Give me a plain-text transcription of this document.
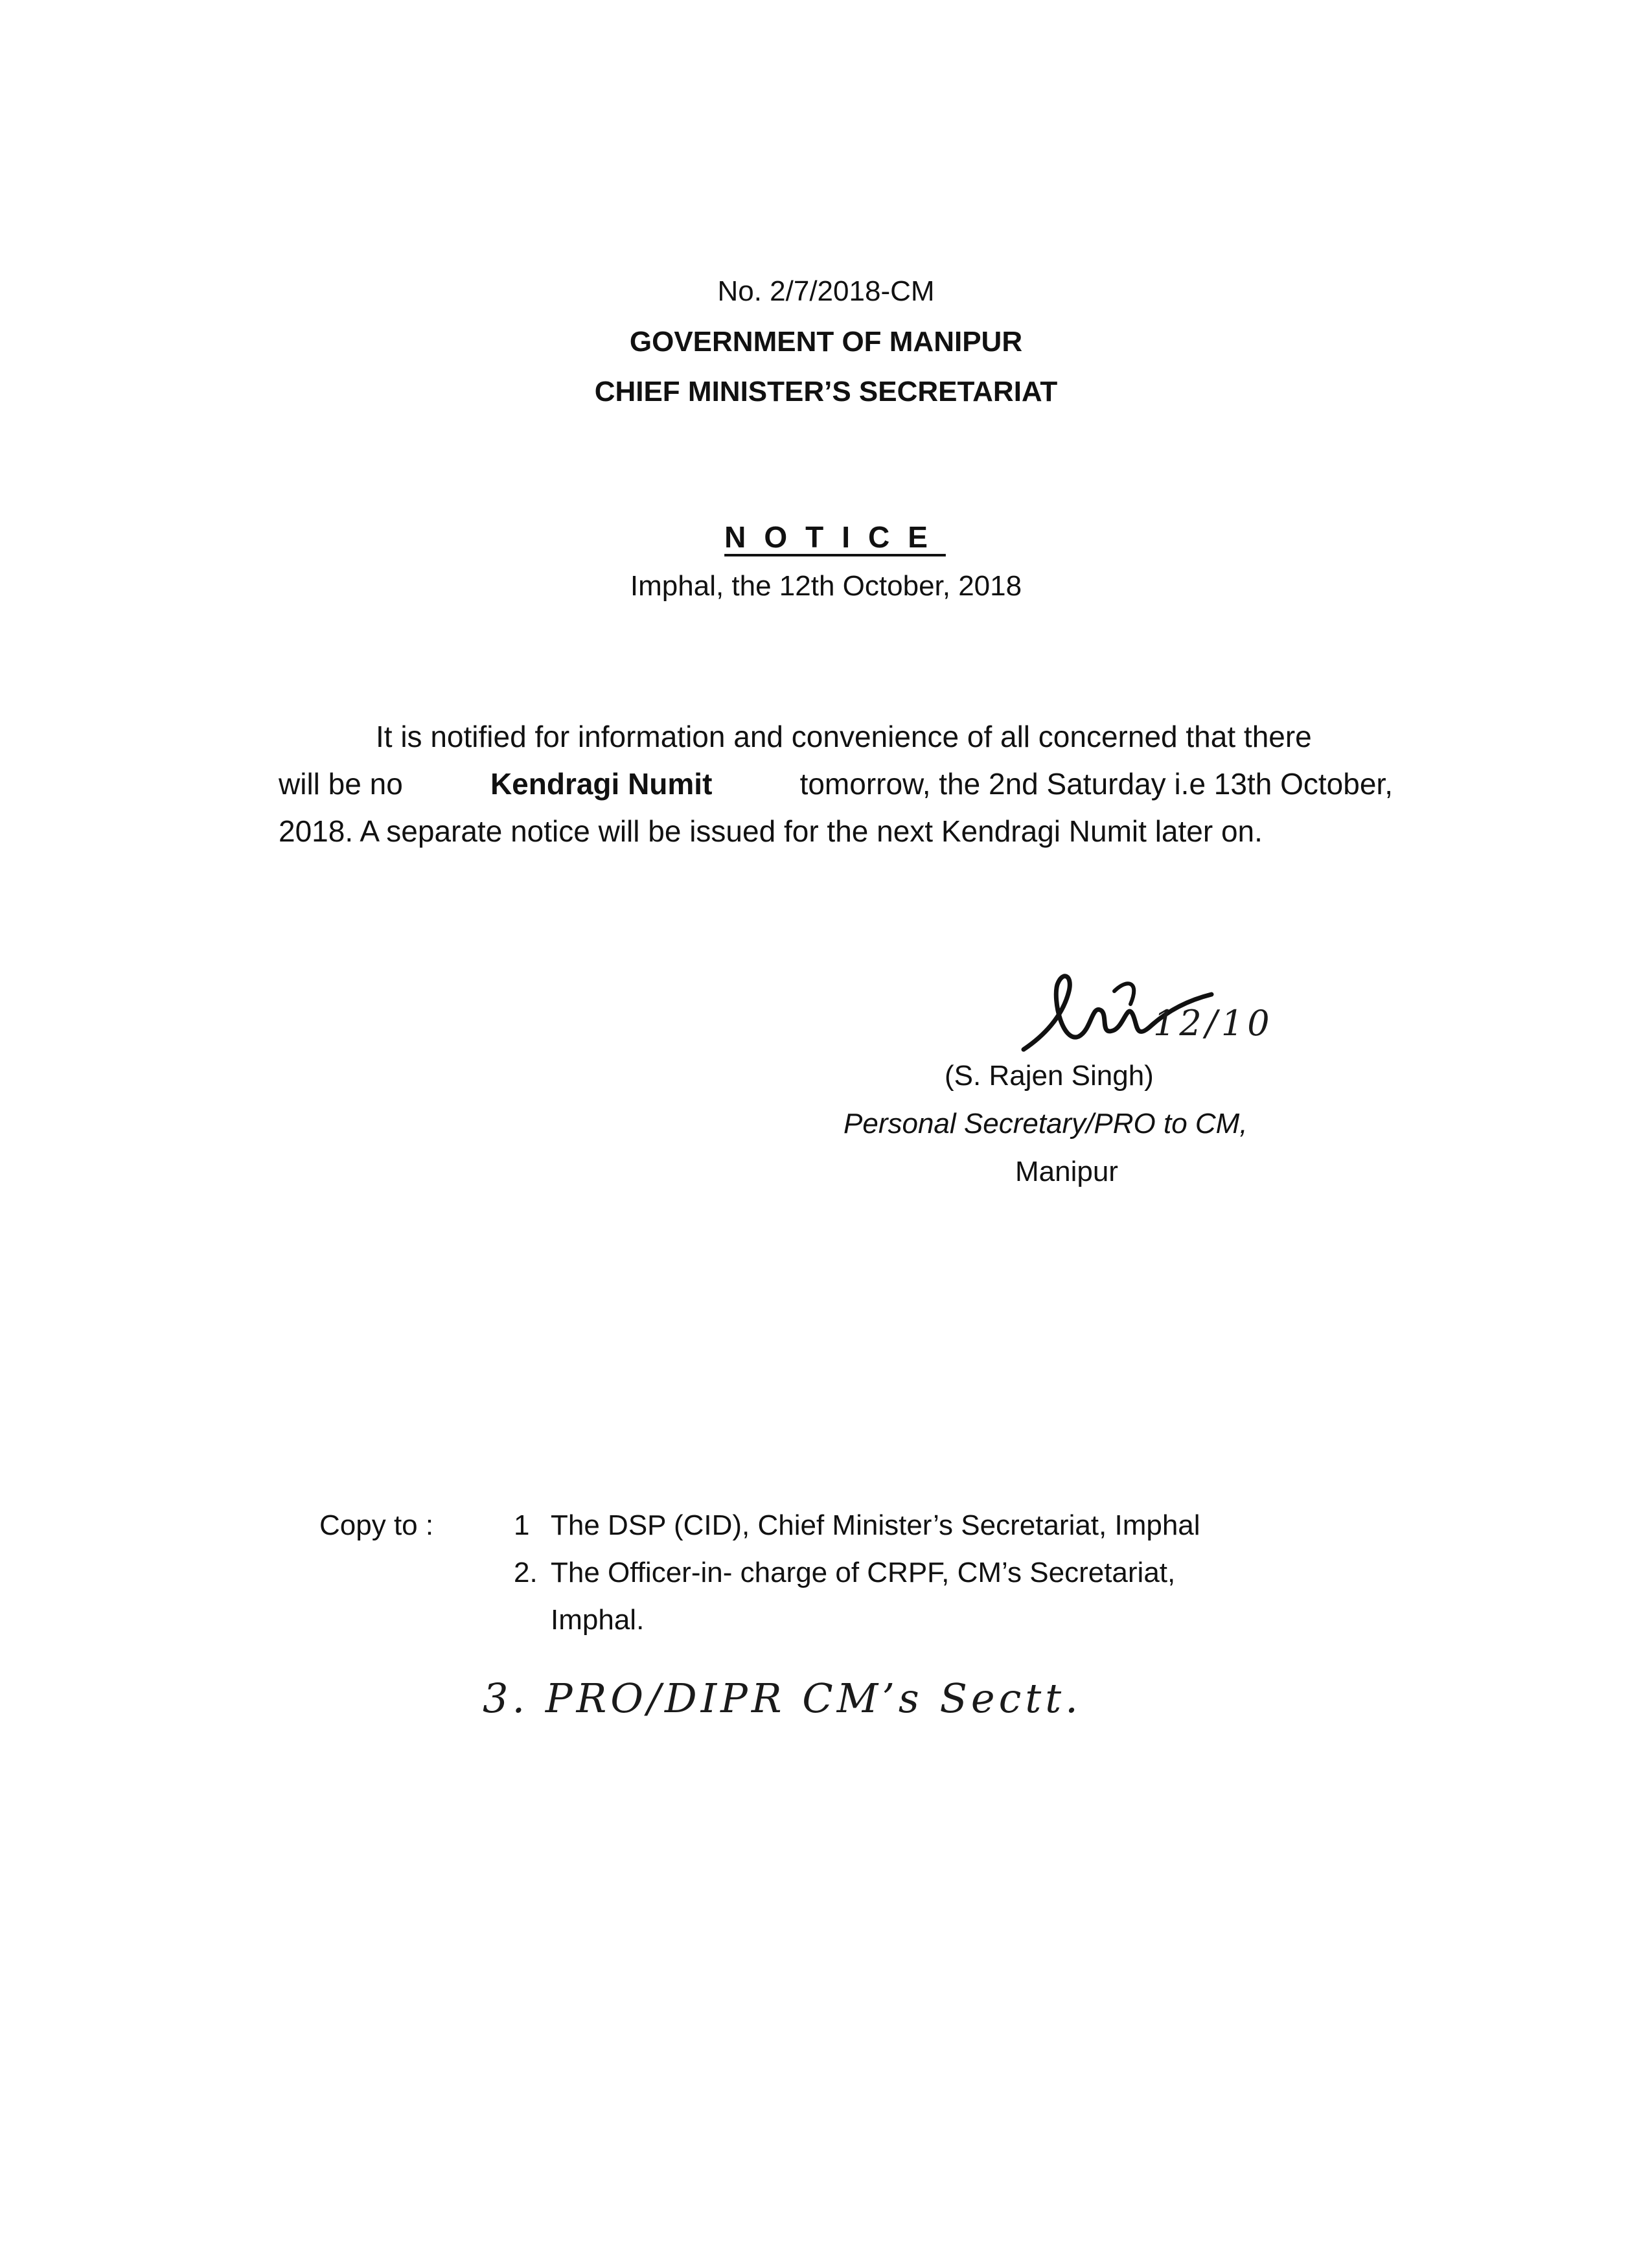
No. 2/7/2018-CM
GOVERNMENT OF MANIPUR
CHIEF MINISTER’S SECRETARIAT
NOTICE
Imphal, the 12th October, 2018
It is notified for information and convenience of all concerned that there
will be no	Kendragi Numit	tomorrow, the 2nd Saturday i.e 13th October,
2018. A separate notice will be issued for the next Kendragi Numit later on.
12/10
(S. Rajen Singh)
Personal Secretary/PRO to CM,
Manipur
Copy to :	1 The DSP (CID), Chief Minister’s Secretariat, Imphal
2. The Officer-in- charge of CRPF, CM’s Secretariat,
Imphal.
3. PRO/DIPR CM’s Sectt.
